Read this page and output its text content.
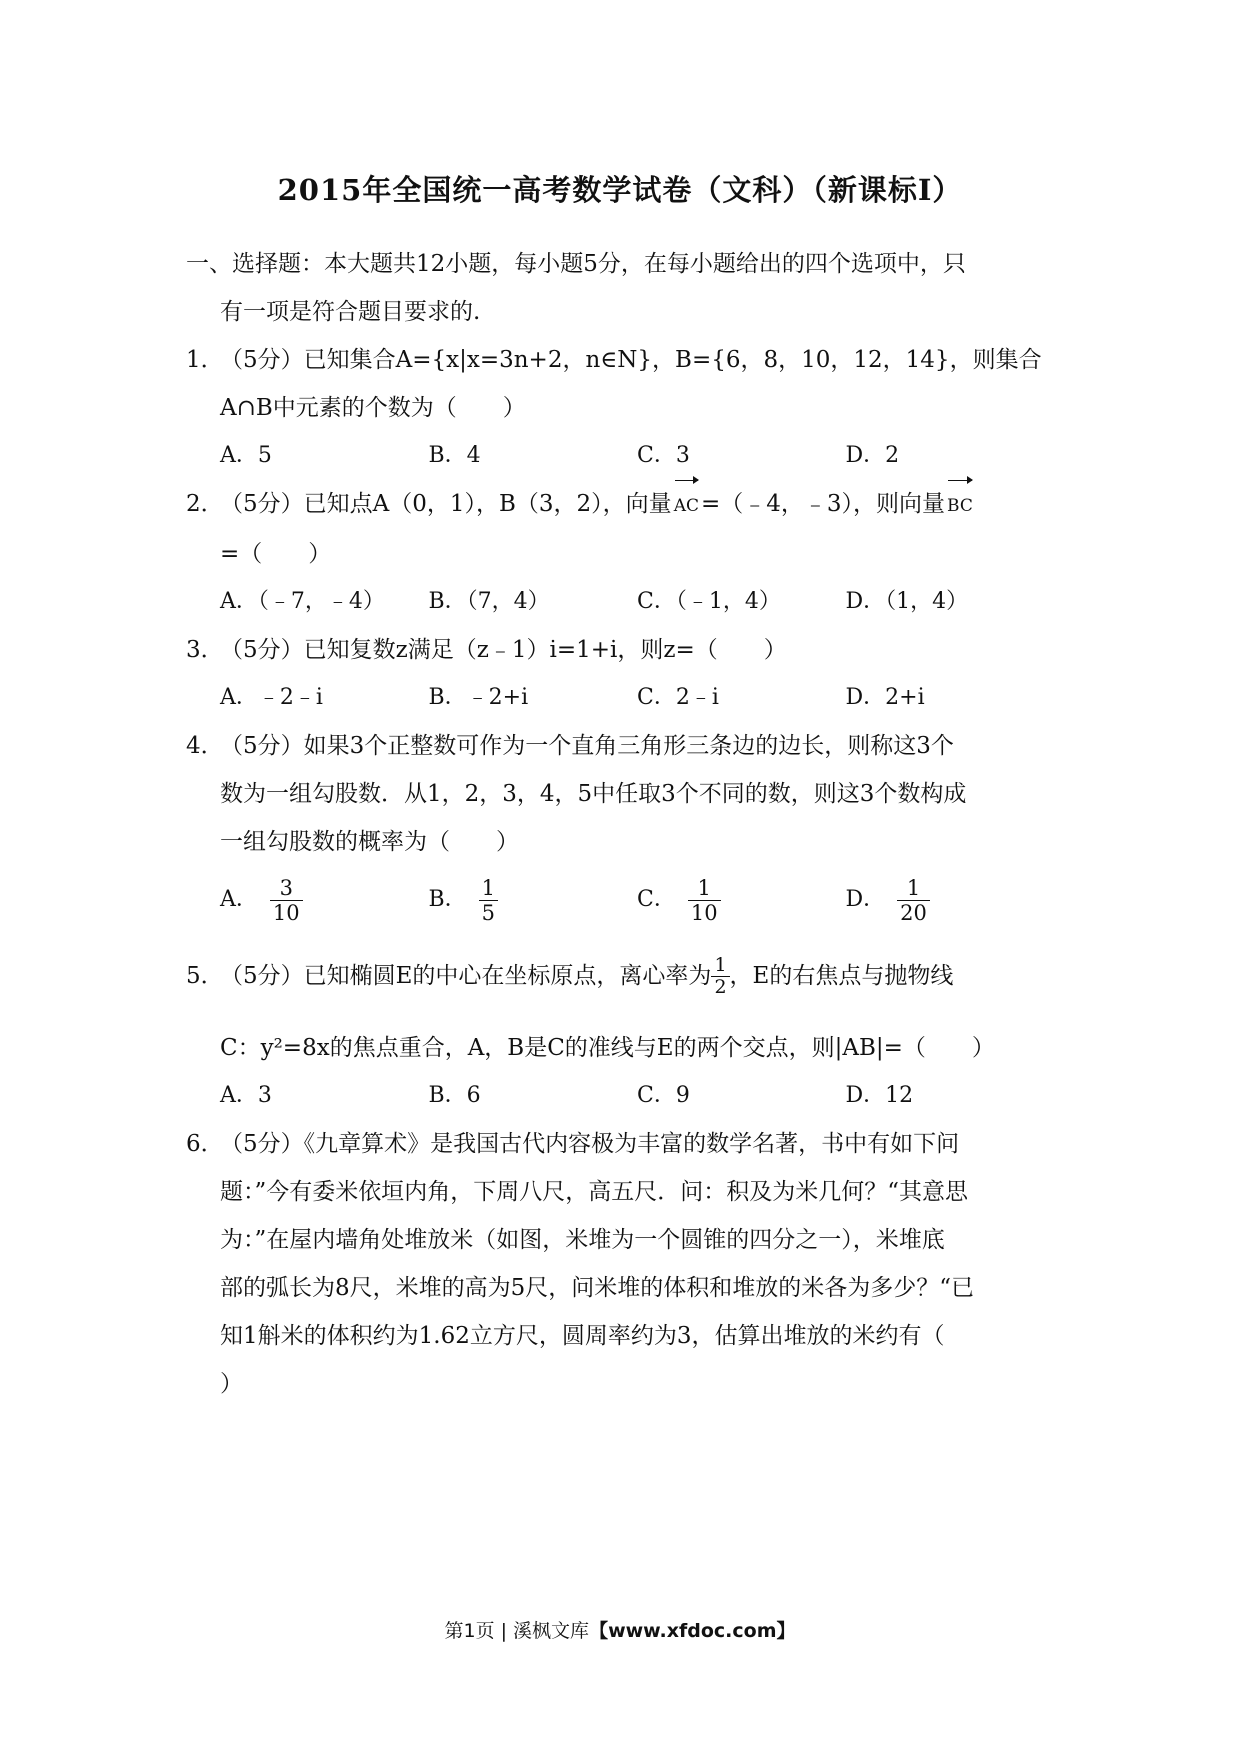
2015年全国统一高考数学试卷（文科）（新课标Ⅰ）
一、选择题：本大题共12小题，每小题5分，在每小题给出的四个选项中，只
有一项是符合题目要求的.
1．（5分）已知集合A={x|x=3n+2，n∈N}，B={6，8，10，12，14}，则集合
A∩B中元素的个数为（　　）
A．5	B．4	C．3	D．2
2．（5分）已知点A（0，1），B（3，2），向量 AC=（﹣4，﹣3），则向量 BC
=（　　）
A．（﹣7，﹣4）	B．（7，4）	C．（﹣1，4）	D．（1，4）
3．（5分）已知复数z满足（z﹣1）i=1+i，则z=（　　）
A．﹣2﹣i	B．﹣2+i	C．2﹣i	D．2+i
4．（5分）如果3个正整数可作为一个直角三角形三条边的边长，则称这3个
数为一组勾股数．从1，2，3，4，5中任取3个不同的数，则这3个数构成
一组勾股数的概率为（　　）
A． $\frac{3}{10}$	B． $\frac{1}{5}$	C． $\frac{1}{10}$	D． $\frac{1}{20}$
5．
（5分）已知椭圆E的中心在坐标原点，离心率为 $\frac{1}{2}$ ，E的右焦点与抛物线
C：y²=8x的焦点重合，A，B是C的准线与E的两个交点，则|AB|=（　　）
A．3	B．6	C．9	D．12
6．（5分）《九章算术》是我国古代内容极为丰富的数学名著，书中有如下问
题：”今有委米依垣内角，下周八尺，高五尺．问：积及为米几何？“其意思
为：”在屋内墙角处堆放米（如图，米堆为一个圆锥的四分之一），米堆底
部的弧长为8尺，米堆的高为5尺，问米堆的体积和堆放的米各为多少？“已
知1斛米的体积约为1.62立方尺，圆周率约为3，估算出堆放的米约有（
）
第1页 | 溪枫文库【www.xfdoc.com】
